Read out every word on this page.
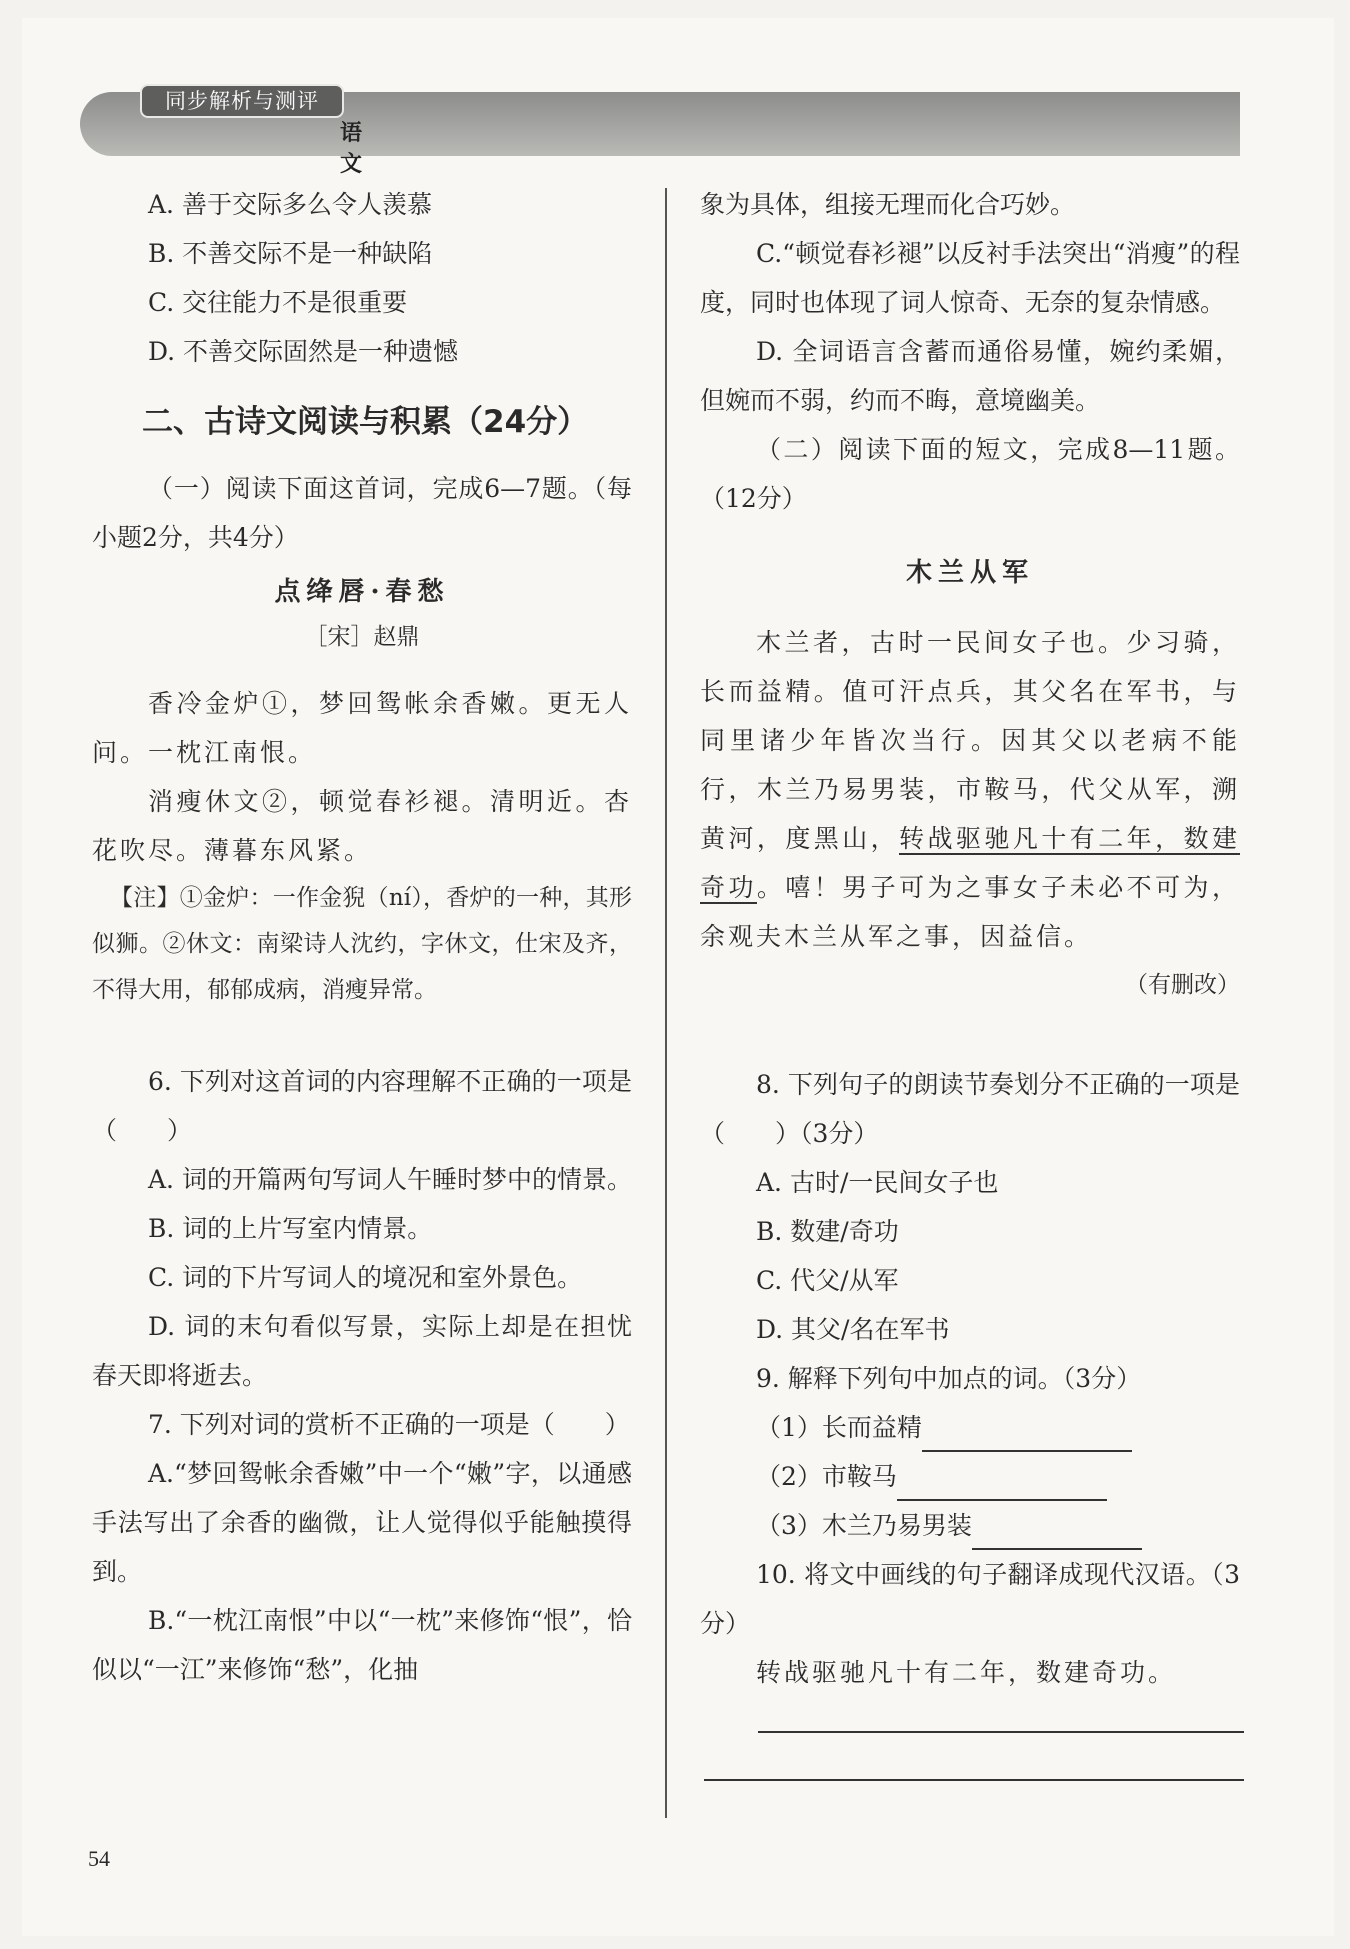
同步解析与测评
语 文

A. 善于交际多么令人羡慕

B. 不善交际不是一种缺陷

C. 交往能力不是很重要

D. 不善交际固然是一种遗憾

二、古诗文阅读与积累（24分）

（一）阅读下面这首词，完成6—7题。（每小题2分，共4分）

点绛唇·春愁
［宋］赵鼎

香冷金炉①，梦回鸳帐余香嫩。更无人问。一枕江南恨。

消瘦休文②，顿觉春衫褪。清明近。杏花吹尽。薄暮东风紧。

【注】①金炉：一作金猊（ní），香炉的一种，其形似狮。②休文：南梁诗人沈约，字休文，仕宋及齐，不得大用，郁郁成病，消瘦异常。

6. 下列对这首词的内容理解不正确的一项是（　　）

A. 词的开篇两句写词人午睡时梦中的情景。

B. 词的上片写室内情景。

C. 词的下片写词人的境况和室外景色。

D. 词的末句看似写景，实际上却是在担忧春天即将逝去。

7. 下列对词的赏析不正确的一项是（　　）

A.“梦回鸳帐余香嫩”中一个“嫩”字，以通感手法写出了余香的幽微，让人觉得似乎能触摸得到。

B.“一枕江南恨”中以“一枕”来修饰“恨”，恰似以“一江”来修饰“愁”，化抽

象为具体，组接无理而化合巧妙。

C.“顿觉春衫褪”以反衬手法突出“消瘦”的程度，同时也体现了词人惊奇、无奈的复杂情感。

D. 全词语言含蓄而通俗易懂，婉约柔媚，但婉而不弱，约而不晦，意境幽美。

（二）阅读下面的短文，完成8—11题。（12分）

木兰从军

木兰者，古时一民间女子也。少习骑，长而益精。值可汗点兵，其父名在军书，与同里诸少年皆次当行。因其父以老病不能行，木兰乃易男装，市鞍马，代父从军，溯黄河，度黑山，转战驱驰凡十有二年，数建奇功。嘻！男子可为之事女子未必不可为，余观夫木兰从军之事，因益信。

（有删改）

8. 下列句子的朗读节奏划分不正确的一项是（　　）（3分）

A. 古时/一民间女子也

B. 数建/奇功

C. 代父/从军

D. 其父/名在军书

9. 解释下列句中加点的词。（3分）

（1）长而益精

（2）市鞍马

（3）木兰乃易男装

10. 将文中画线的句子翻译成现代汉语。（3分）

转战驱驰凡十有二年，数建奇功。

54
